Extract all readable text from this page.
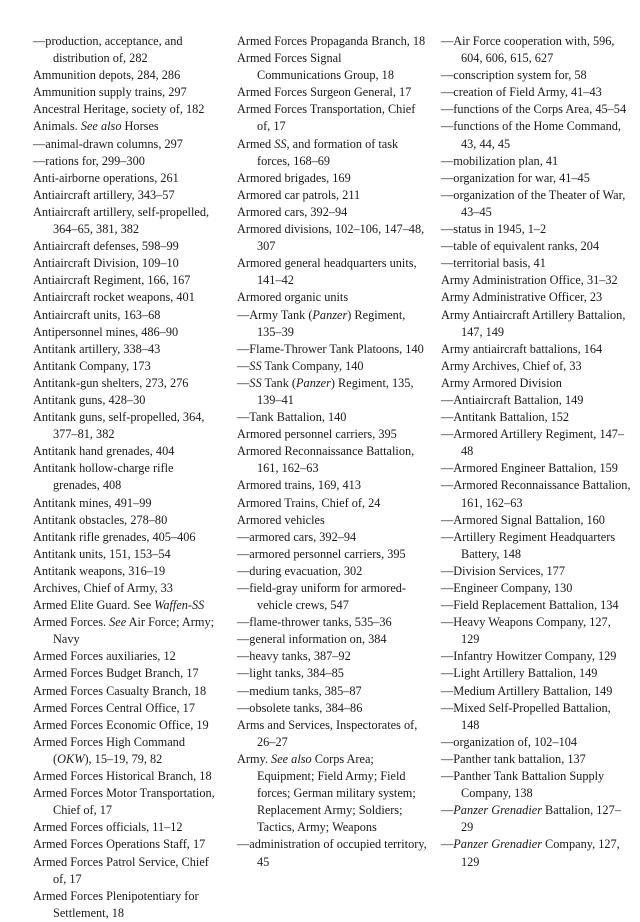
—production, acceptance, and distribution of, 282
Ammunition depots, 284, 286
Ammunition supply trains, 297
Ancestral Heritage, society of, 182
Animals. See also Horses
—animal-drawn columns, 297
—rations for, 299–300
Anti-airborne operations, 261
Antiaircraft artillery, 343–57
Antiaircraft artillery, self-propelled, 364–65, 381, 382
Antiaircraft defenses, 598–99
Antiaircraft Division, 109–10
Antiaircraft Regiment, 166, 167
Antiaircraft rocket weapons, 401
Antiaircraft units, 163–68
Antipersonnel mines, 486–90
Antitank artillery, 338–43
Antitank Company, 173
Antitank-gun shelters, 273, 276
Antitank guns, 428–30
Antitank guns, self-propelled, 364, 377–81, 382
Antitank hand grenades, 404
Antitank hollow-charge rifle grenades, 408
Antitank mines, 491–99
Antitank obstacles, 278–80
Antitank rifle grenades, 405–406
Antitank units, 151, 153–54
Antitank weapons, 316–19
Archives, Chief of Army, 33
Armed Elite Guard. See Waffen-SS
Armed Forces. See Air Force; Army; Navy
Armed Forces auxiliaries, 12
Armed Forces Budget Branch, 17
Armed Forces Casualty Branch, 18
Armed Forces Central Office, 17
Armed Forces Economic Office, 19
Armed Forces High Command (OKW), 15–19, 79, 82
Armed Forces Historical Branch, 18
Armed Forces Motor Transportation, Chief of, 17
Armed Forces officials, 11–12
Armed Forces Operations Staff, 17
Armed Forces Patrol Service, Chief of, 17
Armed Forces Plenipotentiary for Settlement, 18
Armed Forces Propaganda Branch, 18
Armed Forces Signal Communications Group, 18
Armed Forces Surgeon General, 17
Armed Forces Transportation, Chief of, 17
Armed SS, and formation of task forces, 168–69
Armored brigades, 169
Armored car patrols, 211
Armored cars, 392–94
Armored divisions, 102–106, 147–48, 307
Armored general headquarters units, 141–42
Armored organic units
—Army Tank (Panzer) Regiment, 135–39
—Flame-Thrower Tank Platoons, 140
—SS Tank Company, 140
—SS Tank (Panzer) Regiment, 135, 139–41
—Tank Battalion, 140
Armored personnel carriers, 395
Armored Reconnaissance Battalion, 161, 162–63
Armored trains, 169, 413
Armored Trains, Chief of, 24
Armored vehicles
—armored cars, 392–94
—armored personnel carriers, 395
—during evacuation, 302
—field-gray uniform for armored-vehicle crews, 547
—flame-thrower tanks, 535–36
—general information on, 384
—heavy tanks, 387–92
—light tanks, 384–85
—medium tanks, 385–87
—obsolete tanks, 384–86
Arms and Services, Inspectorates of, 26–27
Army. See also Corps Area; Equipment; Field Army; Field forces; German military system; Replacement Army; Soldiers; Tactics, Army; Weapons
—administration of occupied territory, 45
—Air Force cooperation with, 596, 604, 606, 615, 627
—conscription system for, 58
—creation of Field Army, 41–43
—functions of the Corps Area, 45–54
—functions of the Home Command, 43, 44, 45
—mobilization plan, 41
—organization for war, 41–45
—organization of the Theater of War, 43–45
—status in 1945, 1–2
—table of equivalent ranks, 204
—territorial basis, 41
Army Administration Office, 31–32
Army Administrative Officer, 23
Army Antiaircraft Artillery Battalion, 147, 149
Army antiaircraft battalions, 164
Army Archives, Chief of, 33
Army Armored Division
—Antiaircraft Battalion, 149
—Antitank Battalion, 152
—Armored Artillery Regiment, 147–48
—Armored Engineer Battalion, 159
—Armored Reconnaissance Battalion, 161, 162–63
—Armored Signal Battalion, 160
—Artillery Regiment Headquarters Battery, 148
—Division Services, 177
—Engineer Company, 130
—Field Replacement Battalion, 134
—Heavy Weapons Company, 127, 129
—Infantry Howitzer Company, 129
—Light Artillery Battalion, 149
—Medium Artillery Battalion, 149
—Mixed Self-Propelled Battalion, 148
—organization of, 102–104
—Panther tank battalion, 137
—Panther Tank Battalion Supply Company, 138
—Panzer Grenadier Battalion, 127–29
—Panzer Grenadier Company, 127, 129
